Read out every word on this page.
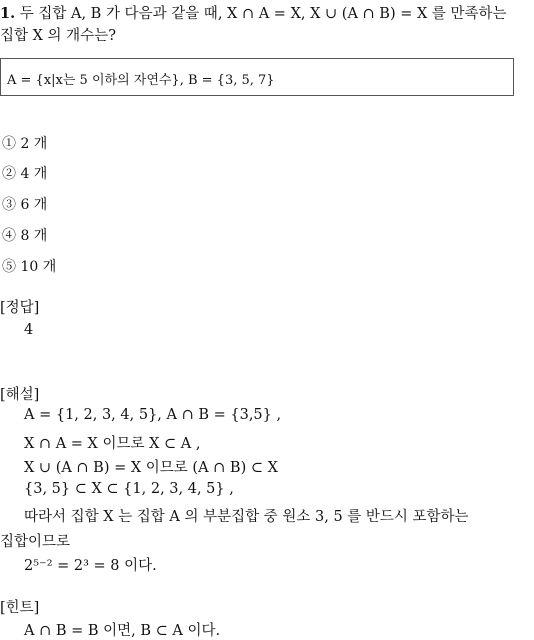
1. 두 집합 A, B 가 다음과 같을 때, X ∩ A = X, X ∪ (A ∩ B) = X 를 만족하는
집합 X 의 개수는?
A = {x|x는 5 이하의 자연수}, B = {3, 5, 7}
① 2 개
② 4 개
③ 6 개
④ 8 개
⑤ 10 개
[정답]
4
[해설]
A = {1, 2, 3, 4, 5}, A ∩ B = {3,5} ,
X ∩ A = X 이므로 X ⊂ A ,
X ∪ (A ∩ B) = X 이므로 (A ∩ B) ⊂ X
{3, 5} ⊂ X ⊂ {1, 2, 3, 4, 5} ,
따라서 집합 X 는 집합 A 의 부분집합 중 원소 3, 5 를 반드시 포함하는
집합이므로
2⁵⁻² = 2³ = 8 이다.
[힌트]
A ∩ B = B 이면, B ⊂ A 이다.
